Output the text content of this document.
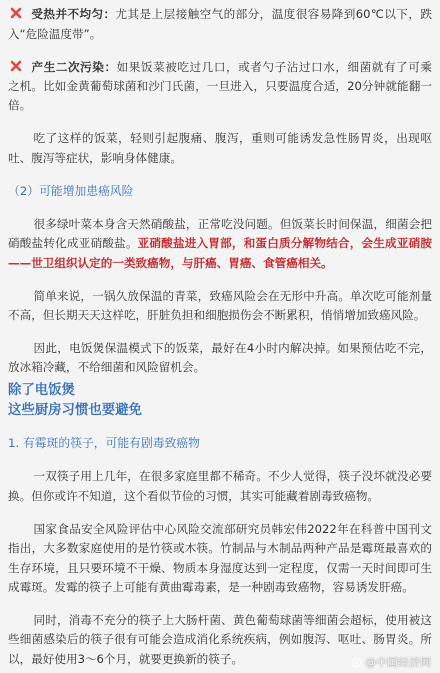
受热并不均匀：尤其是上层接触空气的部分，温度很容易降到60℃以下，跌
入“危险温度带”。
产生二次污染：如果饭菜被吃过几口，或者勺子沾过口水，细菌就有了可乘
之机。比如金黄葡萄球菌和沙门氏菌，一旦进入，只要温度合适，20分钟就能翻一
倍。
吃了这样的饭菜，轻则引起腹痛、腹泻，重则可能诱发急性肠胃炎，出现呕
吐、腹泻等症状，影响身体健康。
（2）可能增加患癌风险
很多绿叶菜本身含天然硝酸盐，正常吃没问题。但饭菜长时间保温，细菌会把
硝酸盐转化成亚硝酸盐。亚硝酸盐进入胃部，和蛋白质分解物结合，会生成亚硝胺
——世卫组织认定的一类致癌物，与肝癌、胃癌、食管癌相关。
简单来说，一锅久放保温的青菜，致癌风险会在无形中升高。单次吃可能剂量
不高，但长期天天这样吃，肝脏负担和细胞损伤会不断累积，悄悄增加致癌风险。
因此，电饭煲保温模式下的饭菜，最好在4小时内解决掉。如果预估吃不完，
放冰箱冷藏，不给细菌和风险留机会。
除了电饭煲
这些厨房习惯也要避免
1. 有霉斑的筷子，可能有剧毒致癌物
一双筷子用上几年，在很多家庭里都不稀奇。不少人觉得，筷子没坏就没必要
换。但你或许不知道，这个看似节俭的习惯，其实可能藏着剧毒致癌物。
国家食品安全风险评估中心风险交流部研究员韩宏伟2022年在科普中国刊文
指出，大多数家庭使用的是竹筷或木筷。竹制品与木制品两种产品是霉斑最喜欢的
生存环境，且只要环境不干燥、物质本身湿度达到一定程度，仅需一天时间即可生
成霉斑。发霉的筷子上可能有黄曲霉毒素，是一种剧毒致癌物，容易诱发肝癌。
同时，消毒不充分的筷子上大肠杆菌、黄色葡萄球菌等细菌会超标，使用被这
些细菌感染后的筷子很有可能会造成消化系统疾病，例如腹泻、呕吐、肠胃炎。所
以，最好使用3～6个月，就要更换新的筷子。	@中国经济网
